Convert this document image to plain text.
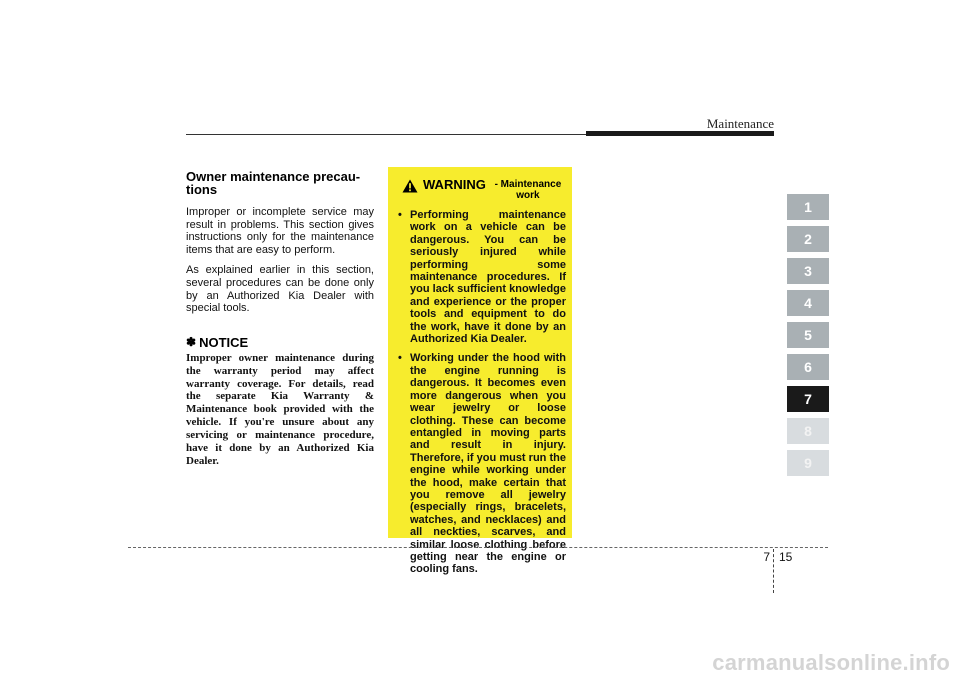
Maintenance
Owner maintenance precau-
tions

Improper or incomplete service may result in problems. This section gives instructions only for the maintenance items that are easy to perform.

As explained earlier in this section, several procedures can be done only by an Authorized Kia Dealer with special tools.

✽ NOTICE

Improper owner maintenance during the warranty period may affect warranty coverage. For details, read the separate Kia Warranty & Maintenance book provided with the vehicle. If you're unsure about any servicing or maintenance procedure, have it done by an Authorized Kia Dealer.

WARNING - Maintenance work
• Performing maintenance work on a vehicle can be dangerous. You can be seriously injured while performing some maintenance procedures. If you lack sufficient knowledge and experience or the proper tools and equipment to do the work, have it done by an Authorized Kia Dealer.
• Working under the hood with the engine running is dangerous. It becomes even more dangerous when you wear jewelry or loose clothing. These can become entangled in moving parts and result in injury. Therefore, if you must run the engine while working under the hood, make certain that you remove all jewelry (especially rings, bracelets, watches, and necklaces) and all neckties, scarves, and similar loose clothing before getting near the engine or cooling fans.
1
2
3
4
5
6
7
8
9
7 15
carmanualsonline.info
